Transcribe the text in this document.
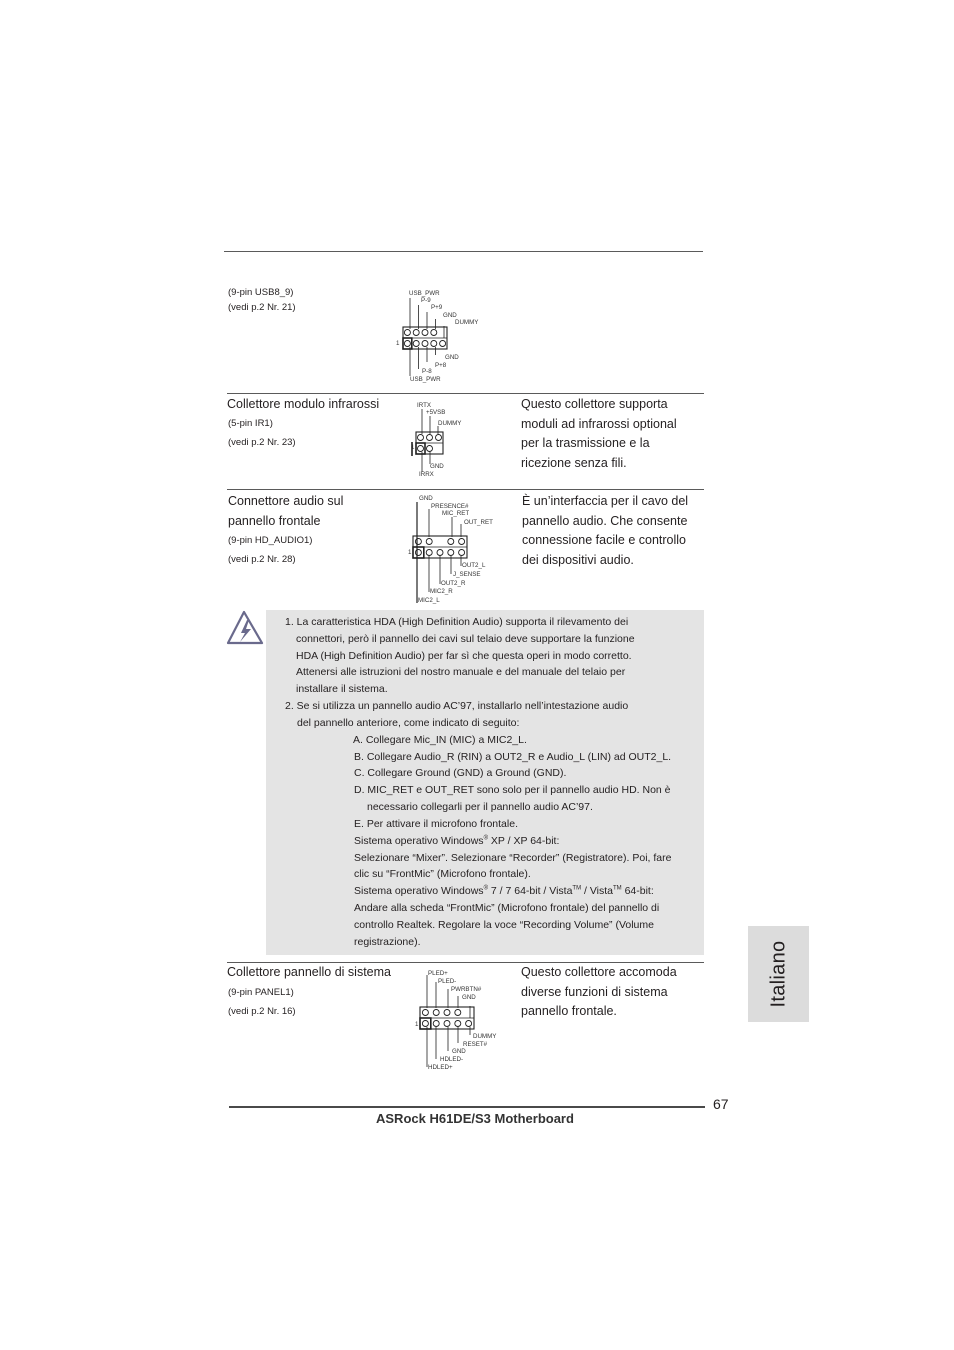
(9-pin USB8_9)
(vedi p.2 Nr. 21)
USB_PWR
P-9
P+9
GND
DUMMY
GND
P+8
P-8
USB_PWR
1
Collettore modulo infrarossi
(5-pin IR1)
(vedi p.2 Nr. 23)
IRTX
+5VSB
DUMMY
GND
IRRX
1
Questo collettore supporta
moduli ad infrarossi optional
per la trasmissione e la
ricezione senza fili.
Connettore audio sul
pannello frontale
(9-pin HD_AUDIO1)
(vedi p.2 Nr. 28)
GND
PRESENCE#
MIC_RET
OUT_RET
OUT2_L
J_SENSE
OUT2_R
MIC2_R
MIC2_L
1
È un’interfaccia per il cavo del
pannello audio. Che consente
connessione facile e controllo
dei dispositivi audio.
1. La caratteristica HDA (High Definition Audio) supporta il rilevamento dei
connettori, però il pannello dei cavi sul telaio deve supportare la funzione
HDA (High Definition Audio) per far sì che questa operi in modo corretto.
Attenersi alle istruzioni del nostro manuale e del manuale del telaio per
installare il sistema.
2. Se si utilizza un pannello audio AC’97, installarlo nell’intestazione audio
del pannello anteriore, come indicato di seguito:
A. Collegare Mic_IN (MIC) a MIC2_L.
B. Collegare Audio_R (RIN) a OUT2_R e Audio_L (LIN) ad OUT2_L.
C. Collegare Ground (GND) a Ground (GND).
D. MIC_RET e OUT_RET sono solo per il pannello audio HD. Non è
necessario collegarli per il pannello audio AC’97.
E. Per attivare il microfono frontale.
Sistema operativo Windows® XP / XP 64-bit:
Selezionare “Mixer”. Selezionare “Recorder” (Registratore). Poi, fare
clic su “FrontMic” (Microfono frontale).
Sistema operativo Windows® 7 / 7 64-bit / Vista™ / Vista™ 64-bit:
Andare alla scheda “FrontMic” (Microfono frontale) del pannello di
controllo Realtek. Regolare la voce “Recording Volume” (Volume
registrazione).
Collettore pannello di sistema
(9-pin PANEL1)
(vedi p.2 Nr. 16)
PLED+
PLED-
PWRBTN#
GND
DUMMY
RESET#
GND
HDLED-
HDLED+
1
Questo collettore accomoda
diverse funzioni di sistema
pannello frontale.
Italiano
67
ASRock H61DE/S3 Motherboard
